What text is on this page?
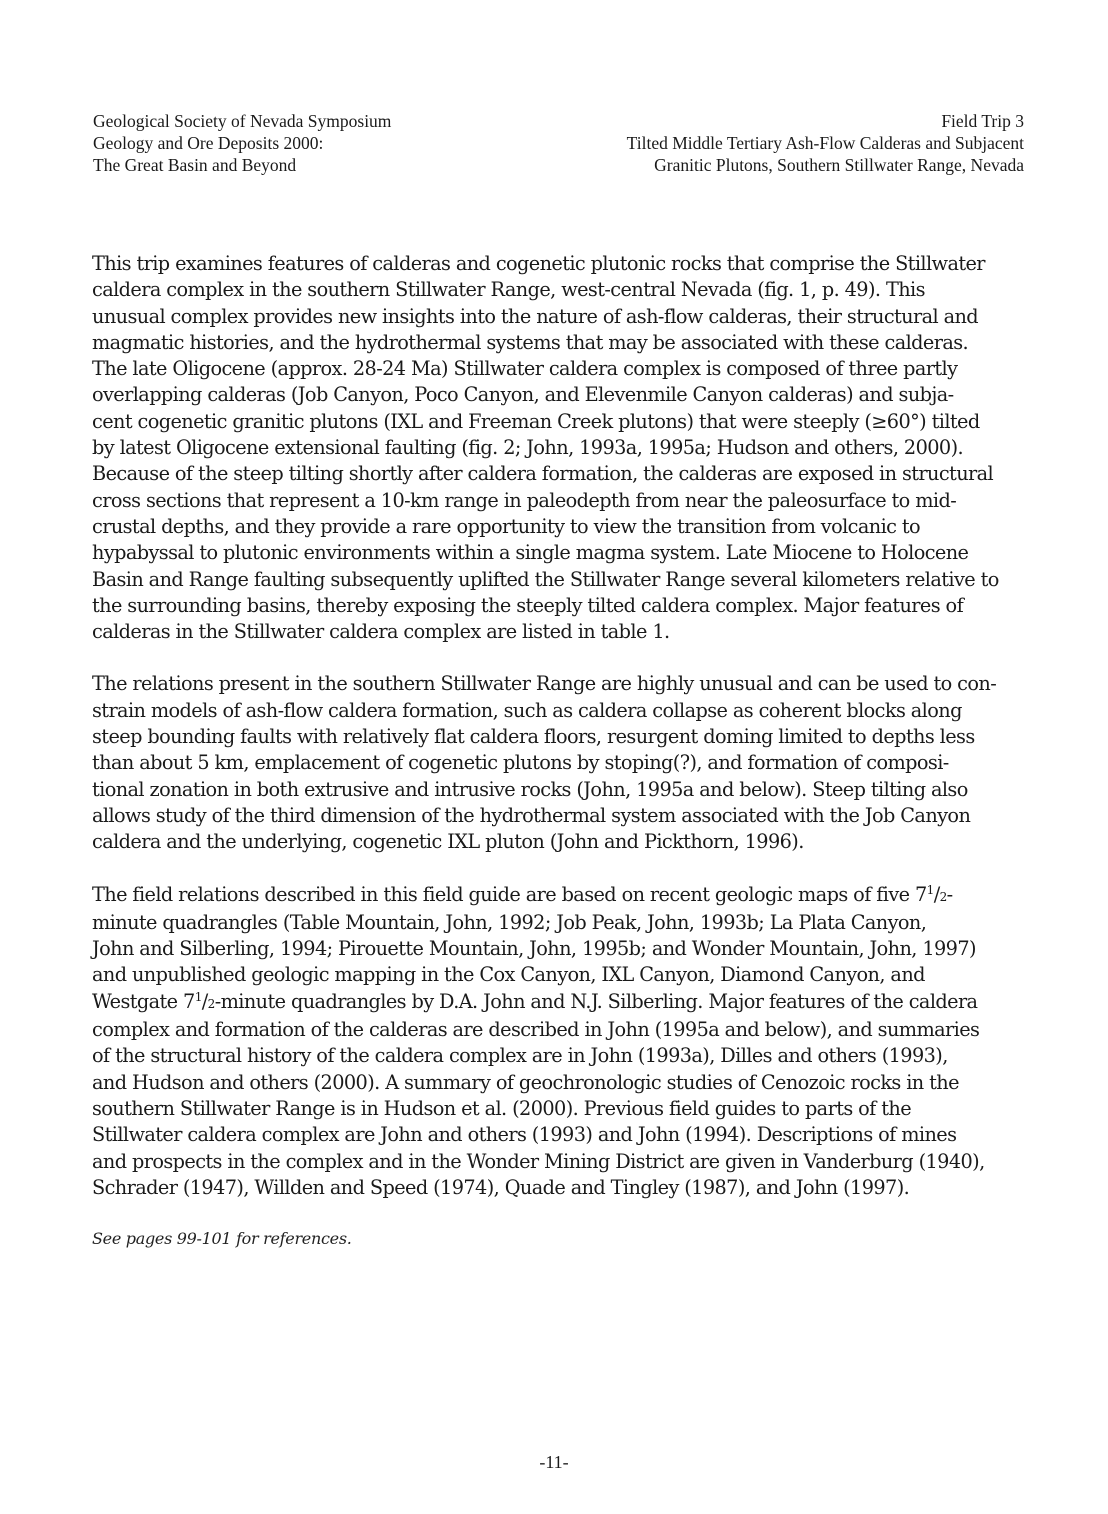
Geological Society of Nevada Symposium
Geology and Ore Deposits 2000:
The Great Basin and Beyond
Field Trip 3
Tilted Middle Tertiary Ash-Flow Calderas and Subjacent
Granitic Plutons, Southern Stillwater Range, Nevada

This trip examines features of calderas and cogenetic plutonic rocks that comprise the Stillwater
caldera complex in the southern Stillwater Range, west-central Nevada (fig. 1, p. 49). This
unusual complex provides new insights into the nature of ash-flow calderas, their structural and
magmatic histories, and the hydrothermal systems that may be associated with these calderas.
The late Oligocene (approx. 28-24 Ma) Stillwater caldera complex is composed of three partly
overlapping calderas (Job Canyon, Poco Canyon, and Elevenmile Canyon calderas) and subja-
cent cogenetic granitic plutons (IXL and Freeman Creek plutons) that were steeply (≥60°) tilted
by latest Oligocene extensional faulting (fig. 2; John, 1993a, 1995a; Hudson and others, 2000).
Because of the steep tilting shortly after caldera formation, the calderas are exposed in structural
cross sections that represent a 10-km range in paleodepth from near the paleosurface to mid-
crustal depths, and they provide a rare opportunity to view the transition from volcanic to
hypabyssal to plutonic environments within a single magma system. Late Miocene to Holocene
Basin and Range faulting subsequently uplifted the Stillwater Range several kilometers relative to
the surrounding basins, thereby exposing the steeply tilted caldera complex. Major features of
calderas in the Stillwater caldera complex are listed in table 1.

The relations present in the southern Stillwater Range are highly unusual and can be used to con-
strain models of ash-flow caldera formation, such as caldera collapse as coherent blocks along
steep bounding faults with relatively flat caldera floors, resurgent doming limited to depths less
than about 5 km, emplacement of cogenetic plutons by stoping(?), and formation of composi-
tional zonation in both extrusive and intrusive rocks (John, 1995a and below). Steep tilting also
allows study of the third dimension of the hydrothermal system associated with the Job Canyon
caldera and the underlying, cogenetic IXL pluton (John and Pickthorn, 1996).

The field relations described in this field guide are based on recent geologic maps of five $7^1/2-$
minute quadrangles (Table Mountain, John, 1992; Job Peak, John, 1993b; La Plata Canyon,
John and Silberling, 1994; Pirouette Mountain, John, 1995b; and Wonder Mountain, John, 1997)
and unpublished geologic mapping in the Cox Canyon, IXL Canyon, Diamond Canyon, and
Westgate $7^1/2$-minute quadrangles by D.A. John and N.J. Silberling. Major features of the caldera
complex and formation of the calderas are described in John (1995a and below), and summaries
of the structural history of the caldera complex are in John (1993a), Dilles and others (1993),
and Hudson and others (2000). A summary of geochronologic studies of Cenozoic rocks in the
southern Stillwater Range is in Hudson et al. (2000). Previous field guides to parts of the
Stillwater caldera complex are John and others (1993) and John (1994). Descriptions of mines
and prospects in the complex and in the Wonder Mining District are given in Vanderburg (1940),
Schrader (1947), Willden and Speed (1974), Quade and Tingley (1987), and John (1997).

See pages 99-101 for references.
-11-
